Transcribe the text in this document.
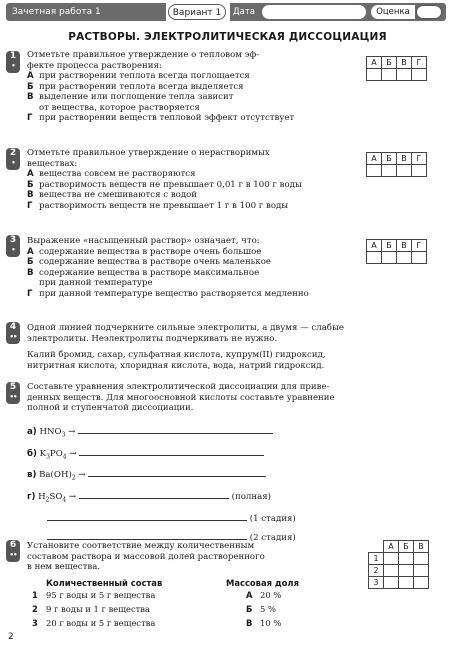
Зачетная работа 1	Вариант 1	Дата	Оценка
РАСТВОРЫ. ЭЛЕКТРОЛИТИЧЕСКАЯ ДИССОЦИАЦИЯ
1
•
Отметьте правильное утверждение о тепловом эф-
фекте процесса растворения:
А при растворении теплота всегда поглощается
Б при растворении теплота всегда выделяется
В выделение или поглощение тепла зависит
от вещества, которое растворяется
Г при растворении веществ тепловой эффект отсутствует
А	Б	В	Г

2
•
Отметьте правильное утверждение о нерастворимых
веществах:
А вещества совсем не растворяются
Б растворимость веществ не превышает 0,01 г в 100 г воды
В вещества не смешиваются с водой
Г растворимость веществ не превышает 1 г в 100 г воды
А	Б	В	Г

3
•
Выражение «насыщенный раствор» означает, что:
А содержание вещества в растворе очень большое
Б содержание вещества в растворе очень маленькое
В содержание вещества в растворе максимальное
при данной температуре
Г при данной температуре вещество растворяется медленно
А	Б	В	Г

4
••
Одной линией подчеркните сильные электролиты, а двумя — слабые
электролиты. Неэлектролиты подчеркивать не нужно.
Калий бромид, сахар, сульфатная кислота, купрум(II) гидроксид,
нитритная кислота, хлоридная кислота, вода, натрий гидроксид.
5
••
Составьте уравнения электролитической диссоциации для приве-
денных веществ. Для многоосновной кислоты составьте уравнение
полной и ступенчатой диссоциации.
а) $HNO_3$ →
б) $K_3PO_4$ →
в) $Ba(OH)_2$ →
г) $H_2SO_4$ →	(полная)
(1 стадия)
(2 стадия)
6
••
Установите соответствие между количественным
составом раствора и массовой долей растворенного
в нем вещества.
Количественный состав	Массовая доля
1 95 г воды и 5 г вещества	А 20 %
2 9 г воды и 1 г вещества	Б 5 %
3 20 г воды и 5 г вещества	В 10 %
	А	Б	В
1			
2			
3			
2
